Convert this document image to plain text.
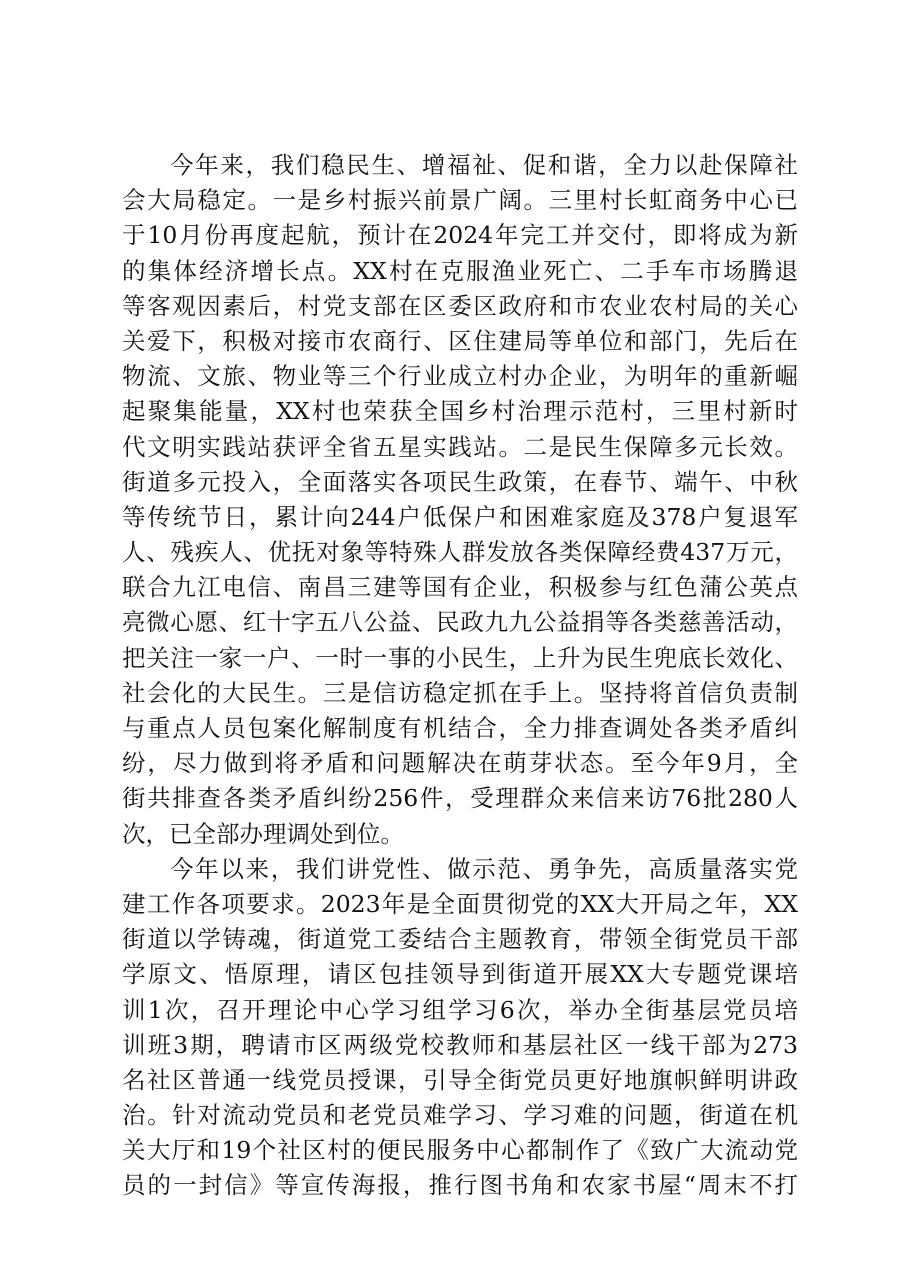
今年来，我们稳民生、增福祉、促和谐，全力以赴保障社
会大局稳定。一是乡村振兴前景广阔。三里村长虹商务中心已
于10月份再度起航，预计在2024年完工并交付，即将成为新
的集体经济增长点。XX村在克服渔业死亡、二手车市场腾退
等客观因素后，村党支部在区委区政府和市农业农村局的关心
关爱下，积极对接市农商行、区住建局等单位和部门，先后在
物流、文旅、物业等三个行业成立村办企业，为明年的重新崛
起聚集能量，XX村也荣获全国乡村治理示范村，三里村新时
代文明实践站获评全省五星实践站。二是民生保障多元长效。
街道多元投入，全面落实各项民生政策，在春节、端午、中秋
等传统节日，累计向244户低保户和困难家庭及378户复退军
人、残疾人、优抚对象等特殊人群发放各类保障经费437万元，
联合九江电信、南昌三建等国有企业，积极参与红色蒲公英点
亮微心愿、红十字五八公益、民政九九公益捐等各类慈善活动，
把关注一家一户、一时一事的小民生，上升为民生兜底长效化、
社会化的大民生。三是信访稳定抓在手上。坚持将首信负责制
与重点人员包案化解制度有机结合，全力排查调处各类矛盾纠
纷，尽力做到将矛盾和问题解决在萌芽状态。至今年9月，全
街共排查各类矛盾纠纷256件，受理群众来信来访76批280人
次，已全部办理调处到位。
今年以来，我们讲党性、做示范、勇争先，高质量落实党
建工作各项要求。2023年是全面贯彻党的XX大开局之年，XX
街道以学铸魂，街道党工委结合主题教育，带领全街党员干部
学原文、悟原理，请区包挂领导到街道开展XX大专题党课培
训1次，召开理论中心学习组学习6次，举办全街基层党员培
训班3期，聘请市区两级党校教师和基层社区一线干部为273
名社区普通一线党员授课，引导全街党员更好地旗帜鲜明讲政
治。针对流动党员和老党员难学习、学习难的问题，街道在机
关大厅和19个社区村的便民服务中心都制作了《致广大流动党
员的一封信》等宣传海报，推行图书角和农家书屋“周末不打
